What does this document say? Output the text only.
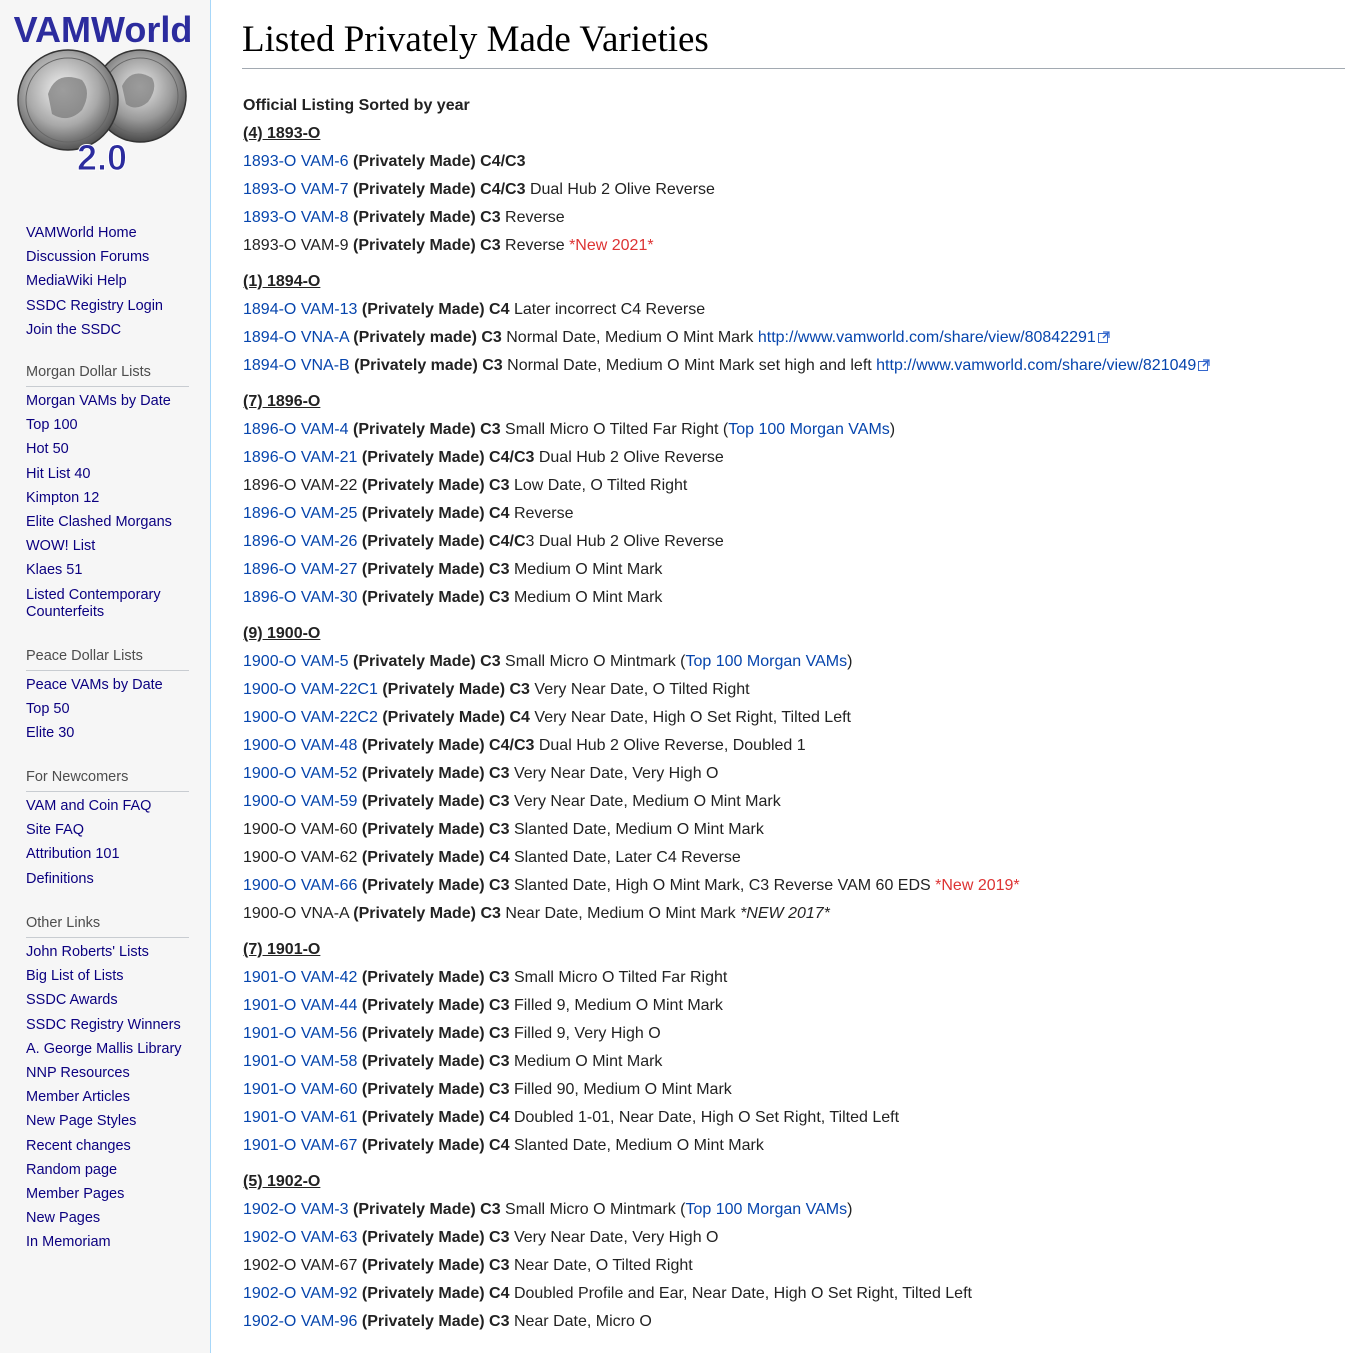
VAMWorld
2.0
VAMWorld Home
Discussion Forums
MediaWiki Help
SSDC Registry Login
Join the SSDC
Morgan Dollar Lists
Morgan VAMs by Date
Top 100
Hot 50
Hit List 40
Kimpton 12
Elite Clashed Morgans
WOW! List
Klaes 51
Listed Contemporary Counterfeits
Peace Dollar Lists
Peace VAMs by Date
Top 50
Elite 30
For Newcomers
VAM and Coin FAQ
Site FAQ
Attribution 101
Definitions
Other Links
John Roberts' Lists
Big List of Lists
SSDC Awards
SSDC Registry Winners
A. George Mallis Library
NNP Resources
Member Articles
New Page Styles
Recent changes
Random page
Member Pages
New Pages
In Memoriam
Listed Privately Made Varieties
Official Listing Sorted by year
(4) 1893-O
1893-O VAM-6 (Privately Made) C4/C3
1893-O VAM-7 (Privately Made) C4/C3 Dual Hub 2 Olive Reverse
1893-O VAM-8 (Privately Made) C3 Reverse
1893-O VAM-9 (Privately Made) C3 Reverse *New 2021*
(1) 1894-O
1894-O VAM-13 (Privately Made) C4 Later incorrect C4 Reverse
1894-O VNA-A (Privately made) C3 Normal Date, Medium O Mint Mark http://www.vamworld.com/share/view/80842291
1894-O VNA-B (Privately made) C3 Normal Date, Medium O Mint Mark set high and left http://www.vamworld.com/share/view/821049
(7) 1896-O
1896-O VAM-4 (Privately Made) C3 Small Micro O Tilted Far Right (Top 100 Morgan VAMs)
1896-O VAM-21 (Privately Made) C4/C3 Dual Hub 2 Olive Reverse
1896-O VAM-22 (Privately Made) C3 Low Date, O Tilted Right
1896-O VAM-25 (Privately Made) C4 Reverse
1896-O VAM-26 (Privately Made) C4/C3 Dual Hub 2 Olive Reverse
1896-O VAM-27 (Privately Made) C3 Medium O Mint Mark
1896-O VAM-30 (Privately Made) C3 Medium O Mint Mark
(9) 1900-O
1900-O VAM-5 (Privately Made) C3 Small Micro O Mintmark (Top 100 Morgan VAMs)
1900-O VAM-22C1 (Privately Made) C3 Very Near Date, O Tilted Right
1900-O VAM-22C2 (Privately Made) C4 Very Near Date, High O Set Right, Tilted Left
1900-O VAM-48 (Privately Made) C4/C3 Dual Hub 2 Olive Reverse, Doubled 1
1900-O VAM-52 (Privately Made) C3 Very Near Date, Very High O
1900-O VAM-59 (Privately Made) C3 Very Near Date, Medium O Mint Mark
1900-O VAM-60 (Privately Made) C3 Slanted Date, Medium O Mint Mark
1900-O VAM-62 (Privately Made) C4 Slanted Date, Later C4 Reverse
1900-O VAM-66 (Privately Made) C3 Slanted Date, High O Mint Mark, C3 Reverse VAM 60 EDS *New 2019*
1900-O VNA-A (Privately Made) C3 Near Date, Medium O Mint Mark *NEW 2017*
(7) 1901-O
1901-O VAM-42 (Privately Made) C3 Small Micro O Tilted Far Right
1901-O VAM-44 (Privately Made) C3 Filled 9, Medium O Mint Mark
1901-O VAM-56 (Privately Made) C3 Filled 9, Very High O
1901-O VAM-58 (Privately Made) C3 Medium O Mint Mark
1901-O VAM-60 (Privately Made) C3 Filled 90, Medium O Mint Mark
1901-O VAM-61 (Privately Made) C4 Doubled 1-01, Near Date, High O Set Right, Tilted Left
1901-O VAM-67 (Privately Made) C4 Slanted Date, Medium O Mint Mark
(5) 1902-O
1902-O VAM-3 (Privately Made) C3 Small Micro O Mintmark (Top 100 Morgan VAMs)
1902-O VAM-63 (Privately Made) C3 Very Near Date, Very High O
1902-O VAM-67 (Privately Made) C3 Near Date, O Tilted Right
1902-O VAM-92 (Privately Made) C4 Doubled Profile and Ear, Near Date, High O Set Right, Tilted Left
1902-O VAM-96 (Privately Made) C3 Near Date, Micro O
